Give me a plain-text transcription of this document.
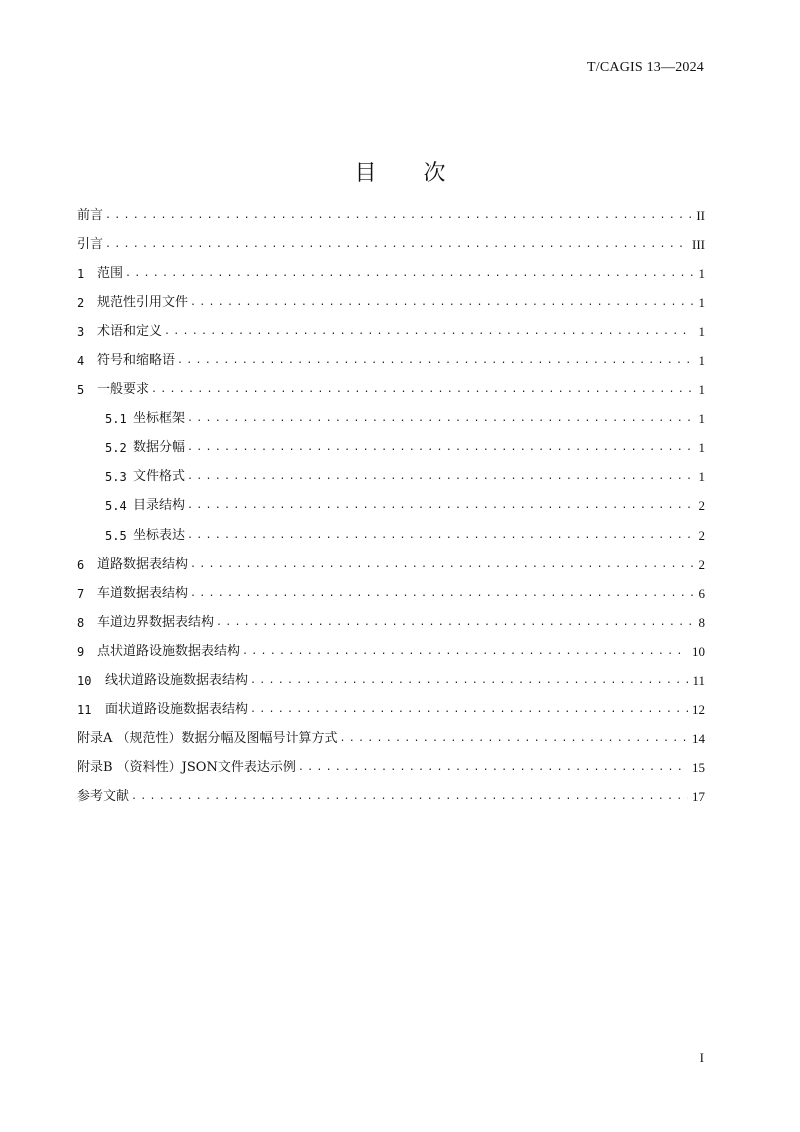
T/CAGIS 13—2024
目 次
前言 . . .	II
引言 . . .	III
1 范围 . . .	1
2 规范性引用文件 . . .	1
3 术语和定义 . . .	1
4 符号和缩略语 . . .	1
5 一般要求 . . .	1
5.1 坐标框架 . . .	1
5.2 数据分幅 . . .	1
5.3 文件格式 . . .	1
5.4 目录结构 . . .	2
5.5 坐标表达 . . .	2
6 道路数据表结构 . . .	2
7 车道数据表结构 . . .	6
8 车道边界数据表结构 . . .	8
9 点状道路设施数据表结构 . . .	10
10	线状道路设施数据表结构 . . .	11
11	面状道路设施数据表结构 . . .	12
附录A （规范性）数据分幅及图幅号计算方式 . . .	14
附录B （资料性）JSON文件表达示例 . . .	15
参考文献 . . .	17
I
